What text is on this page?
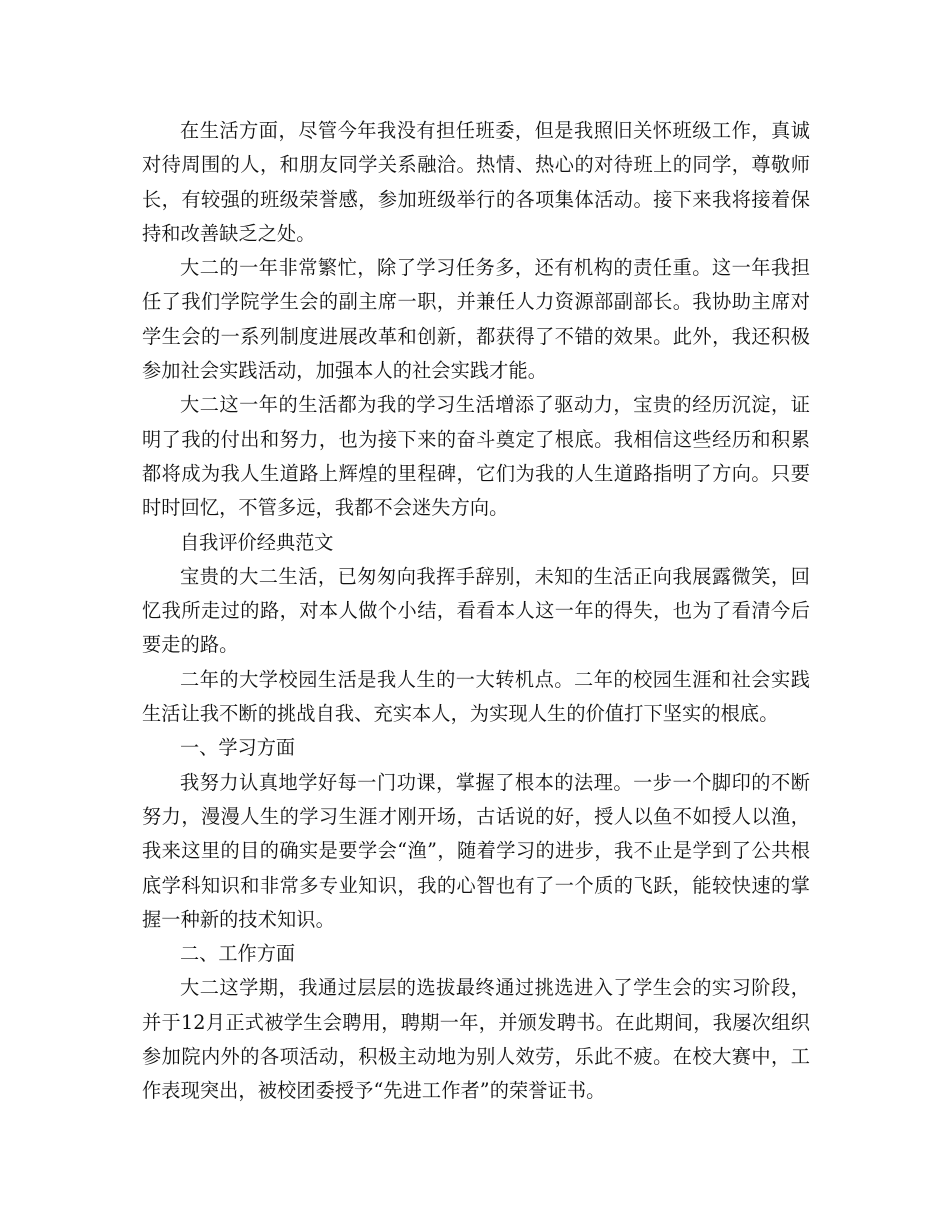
在生活方面，尽管今年我没有担任班委，但是我照旧关怀班级工作，真诚对待周围的人，和朋友同学关系融洽。热情、热心的对待班上的同学，尊敬师长，有较强的班级荣誉感，参加班级举行的各项集体活动。接下来我将接着保持和改善缺乏之处。

大二的一年非常繁忙，除了学习任务多，还有机构的责任重。这一年我担任了我们学院学生会的副主席一职，并兼任人力资源部副部长。我协助主席对学生会的一系列制度进展改革和创新，都获得了不错的效果。此外，我还积极参加社会实践活动，加强本人的社会实践才能。

大二这一年的生活都为我的学习生活增添了驱动力，宝贵的经历沉淀，证明了我的付出和努力，也为接下来的奋斗奠定了根底。我相信这些经历和积累都将成为我人生道路上辉煌的里程碑，它们为我的人生道路指明了方向。只要时时回忆，不管多远，我都不会迷失方向。

自我评价经典范文

宝贵的大二生活，已匆匆向我挥手辞别，未知的生活正向我展露微笑，回忆我所走过的路，对本人做个小结，看看本人这一年的得失，也为了看清今后要走的路。

二年的大学校园生活是我人生的一大转机点。二年的校园生涯和社会实践生活让我不断的挑战自我、充实本人，为实现人生的价值打下坚实的根底。

一、学习方面

我努力认真地学好每一门功课，掌握了根本的法理。一步一个脚印的不断努力，漫漫人生的学习生涯才刚开场，古话说的好，授人以鱼不如授人以渔，我来这里的目的确实是要学会“渔”，随着学习的进步，我不止是学到了公共根底学科知识和非常多专业知识，我的心智也有了一个质的飞跃，能较快速的掌握一种新的技术知识。

二、工作方面

大二这学期，我通过层层的选拔最终通过挑选进入了学生会的实习阶段，并于12月正式被学生会聘用，聘期一年，并颁发聘书。在此期间，我屡次组织参加院内外的各项活动，积极主动地为别人效劳，乐此不疲。在校大赛中，工作表现突出，被校团委授予“先进工作者”的荣誉证书。
